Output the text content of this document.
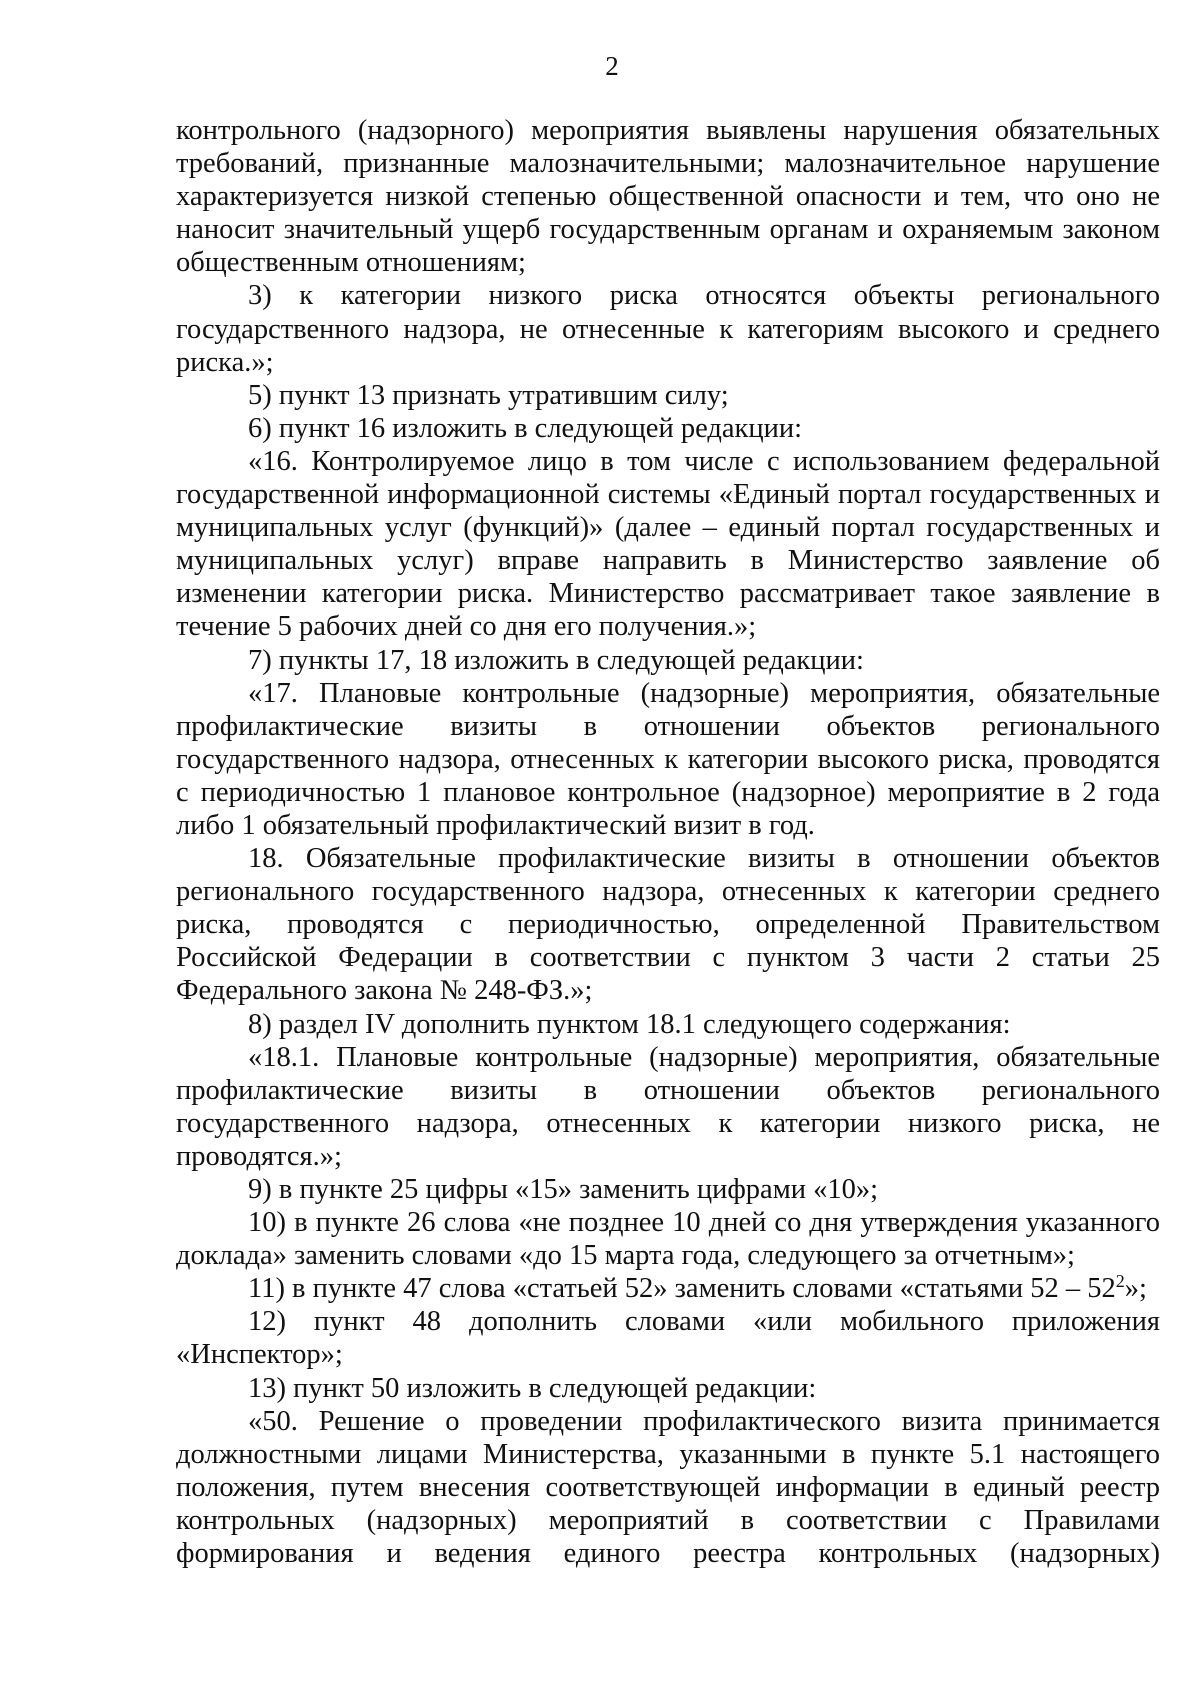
2

контрольного (надзорного) мероприятия выявлены нарушения обязательных требований, признанные малозначительными; малозначительное нарушение характеризуется низкой степенью общественной опасности и тем, что оно не наносит значительный ущерб государственным органам и охраняемым законом общественным отношениям;

3) к категории низкого риска относятся объекты регионального государственного надзора, не отнесенные к категориям высокого и среднего риска.»;

5) пункт 13 признать утратившим силу;

6) пункт 16 изложить в следующей редакции:

«16. Контролируемое лицо в том числе с использованием федеральной государственной информационной системы «Единый портал государственных и муниципальных услуг (функций)» (далее – единый портал государственных и муниципальных услуг) вправе направить в Министерство заявление об изменении категории риска. Министерство рассматривает такое заявление в течение 5 рабочих дней со дня его получения.»;

7) пункты 17, 18 изложить в следующей редакции:

«17. Плановые контрольные (надзорные) мероприятия, обязательные профилактические визиты в отношении объектов регионального государственного надзора, отнесенных к категории высокого риска, проводятся с периодичностью 1 плановое контрольное (надзорное) мероприятие в 2 года либо 1 обязательный профилактический визит в год.

18. Обязательные профилактические визиты в отношении объектов регионального государственного надзора, отнесенных к категории среднего риска, проводятся с периодичностью, определенной Правительством Российской Федерации в соответствии с пунктом 3 части 2 статьи 25 Федерального закона № 248-ФЗ.»;

8) раздел IV дополнить пунктом 18.1 следующего содержания:

«18.1. Плановые контрольные (надзорные) мероприятия, обязательные профилактические визиты в отношении объектов регионального государственного надзора, отнесенных к категории низкого риска, не проводятся.»;

9) в пункте 25 цифры «15» заменить цифрами «10»;

10) в пункте 26 слова «не позднее 10 дней со дня утверждения указанного доклада» заменить словами «до 15 марта года, следующего за отчетным»;

11) в пункте 47 слова «статьей 52» заменить словами «статьями $52 - 52^2$»;

12) пункт 48 дополнить словами «или мобильного приложения «Инспектор»;

13) пункт 50 изложить в следующей редакции:

«50. Решение о проведении профилактического визита принимается должностными лицами Министерства, указанными в пункте 5.1 настоящего положения, путем внесения соответствующей информации в единый реестр контрольных (надзорных) мероприятий в соответствии с Правилами формирования и ведения единого реестра контрольных (надзорных)
